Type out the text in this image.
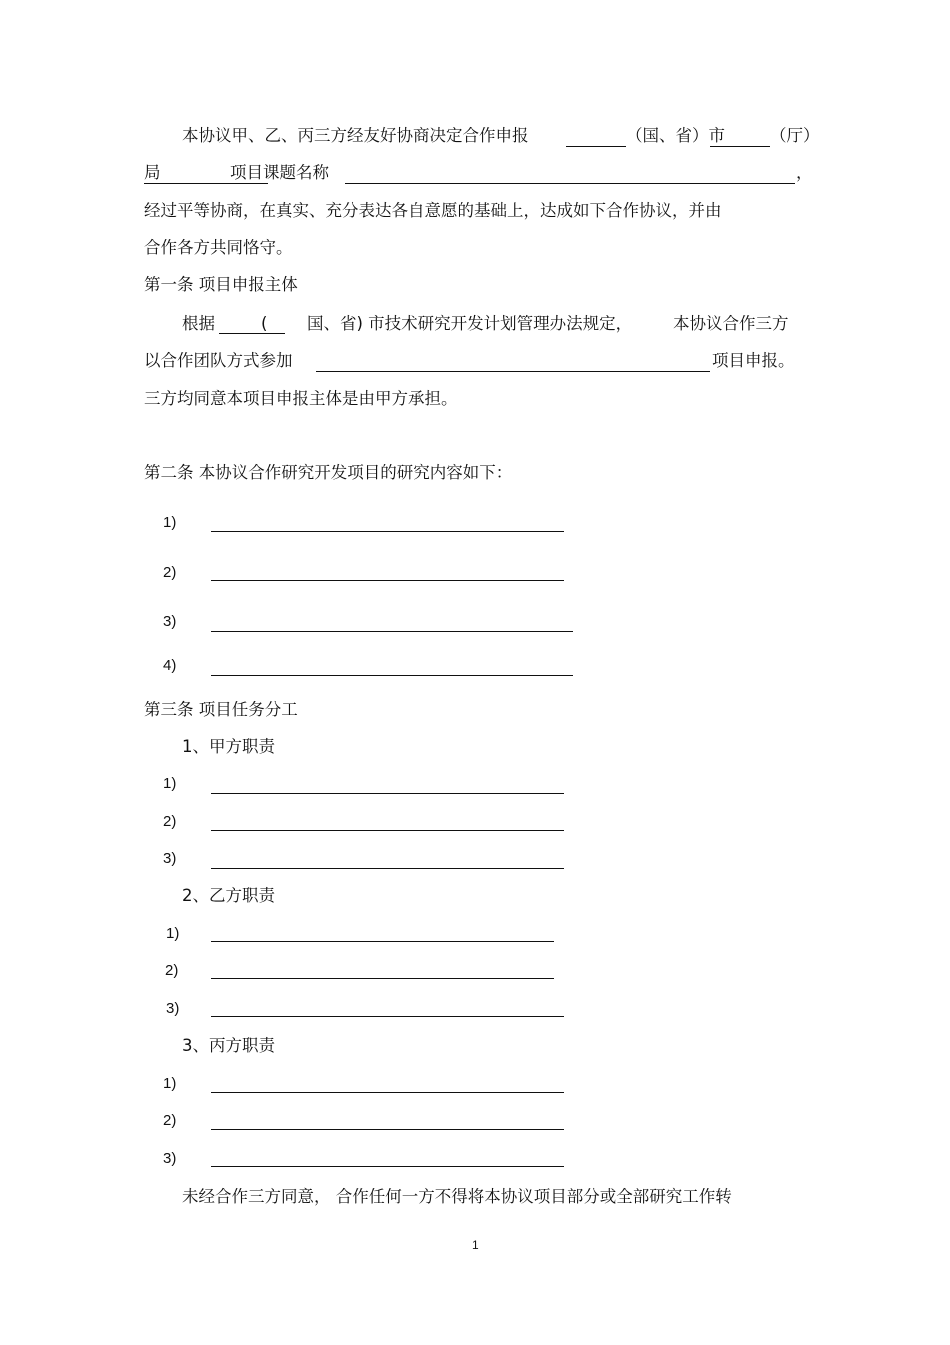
本协议甲、乙、丙三方经友好协商决定合作申报	（国、省）市	（厅）
局	项目课题名称	，
经过平等协商，在真实、充分表达各自意愿的基础上，达成如下合作协议，并由
合作各方共同恪守。
第一条 项目申报主体
根据	( 国、省) 市技术研究开发计划管理办法规定， 本协议合作三方
以合作团队方式参加	项目申报。
三方均同意本项目申报主体是由甲方承担。
第二条 本协议合作研究开发项目的研究内容如下：
1)
2)
3)
4)
第三条 项目任务分工
1、甲方职责
1)
2)
3)
2、乙方职责
1)
2)
3)
3、丙方职责
1)
2)
3)
未经合作三方同意， 合作任何一方不得将本协议项目部分或全部研究工作转
1
